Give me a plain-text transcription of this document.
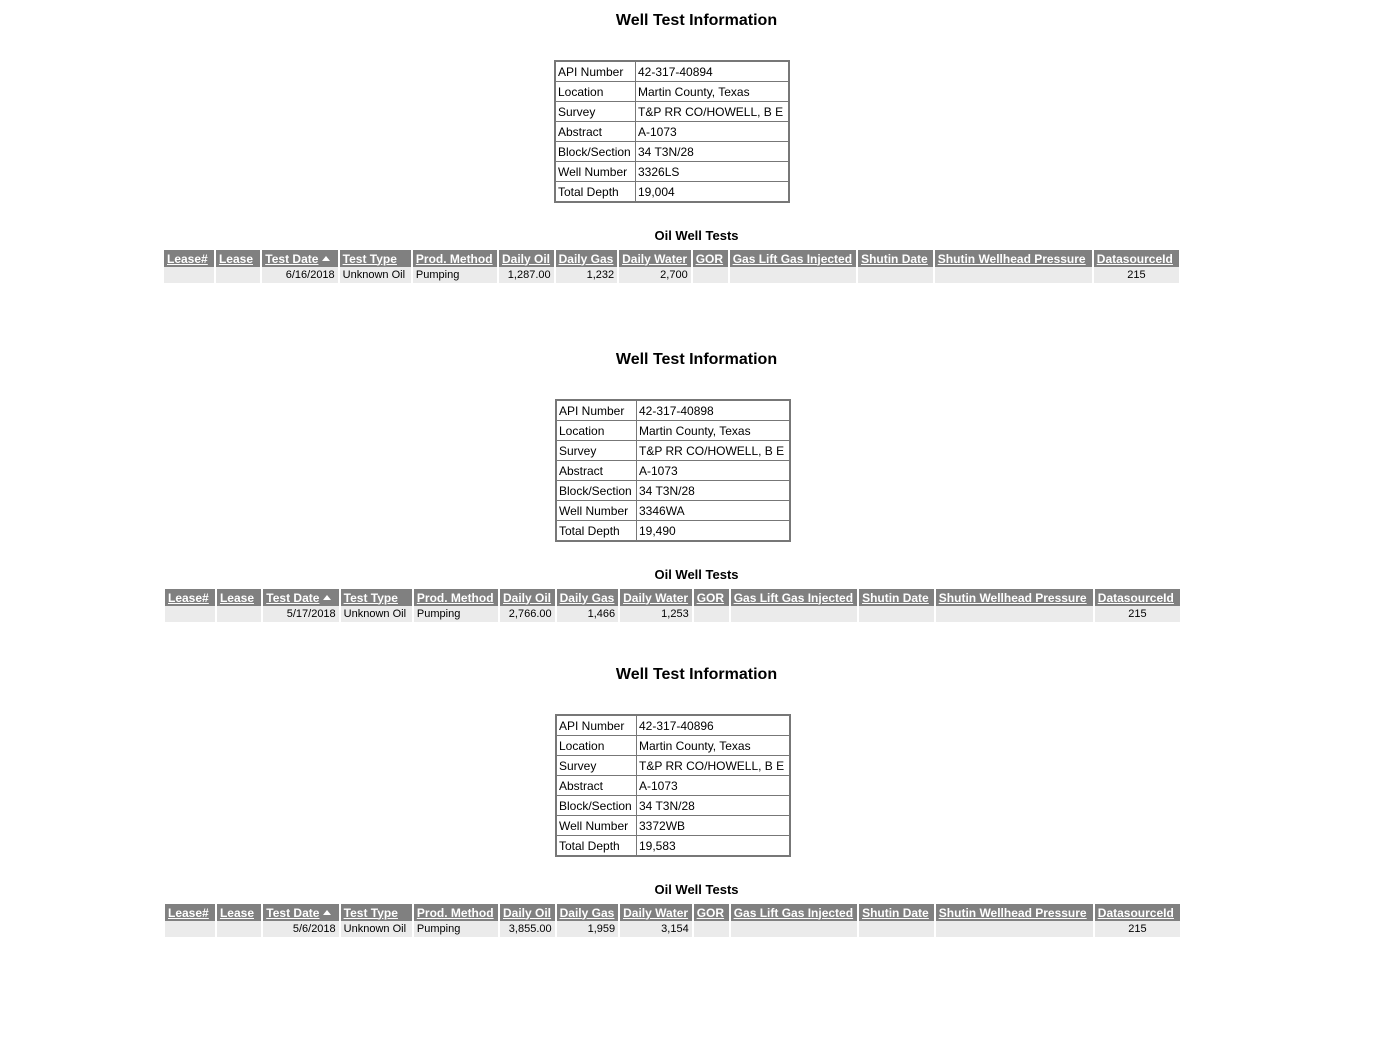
Well Test Information
API Number	42-317-40894
Location	Martin County, Texas
Survey	T&P RR CO/HOWELL, B E
Abstract	A-1073
Block/Section	34 T3N/28
Well Number	3326LS
Total Depth	19,004
Oil Well Tests
Lease#	Lease	Test Date	Test Type	Prod. Method	Daily Oil	Daily Gas	Daily Water	GOR	Gas Lift Gas Injected	Shutin Date	Shutin Wellhead Pressure	DatasourceId
		6/16/2018	Unknown Oil	Pumping	1,287.00	1,232	2,700					215
Well Test Information
API Number	42-317-40898
Location	Martin County, Texas
Survey	T&P RR CO/HOWELL, B E
Abstract	A-1073
Block/Section	34 T3N/28
Well Number	3346WA
Total Depth	19,490
Oil Well Tests
Lease#	Lease	Test Date	Test Type	Prod. Method	Daily Oil	Daily Gas	Daily Water	GOR	Gas Lift Gas Injected	Shutin Date	Shutin Wellhead Pressure	DatasourceId
		5/17/2018	Unknown Oil	Pumping	2,766.00	1,466	1,253					215
Well Test Information
API Number	42-317-40896
Location	Martin County, Texas
Survey	T&P RR CO/HOWELL, B E
Abstract	A-1073
Block/Section	34 T3N/28
Well Number	3372WB
Total Depth	19,583
Oil Well Tests
Lease#	Lease	Test Date	Test Type	Prod. Method	Daily Oil	Daily Gas	Daily Water	GOR	Gas Lift Gas Injected	Shutin Date	Shutin Wellhead Pressure	DatasourceId
		5/6/2018	Unknown Oil	Pumping	3,855.00	1,959	3,154					215
